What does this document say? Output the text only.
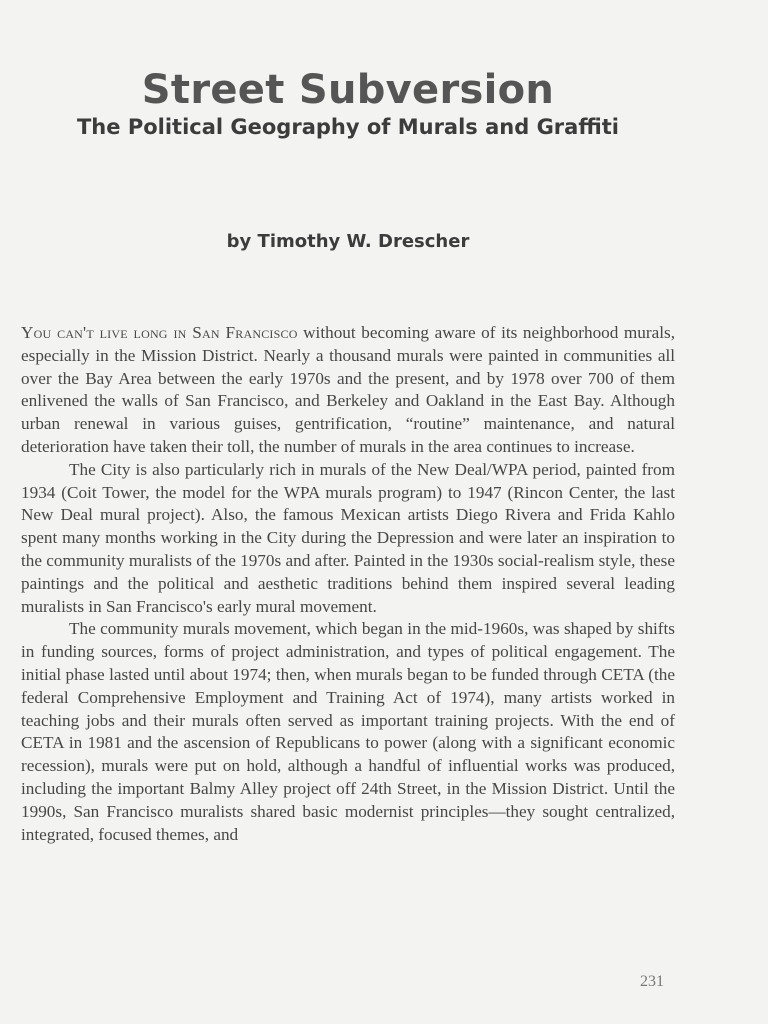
Street Subversion
The Political Geography of Murals and Graffiti
by Timothy W. Drescher

You can't live long in San Francisco without becoming aware of its neighborhood murals, especially in the Mission District. Nearly a thousand murals were painted in communities all over the Bay Area between the early 1970s and the present, and by 1978 over 700 of them enlivened the walls of San Francisco, and Berkeley and Oakland in the East Bay. Although urban renewal in various guises, gentrification, “routine” maintenance, and natural deterioration have taken their toll, the number of murals in the area continues to increase.

The City is also particularly rich in murals of the New Deal/WPA period, painted from 1934 (Coit Tower, the model for the WPA murals program) to 1947 (Rincon Center, the last New Deal mural project). Also, the famous Mexican artists Diego Rivera and Frida Kahlo spent many months working in the City during the Depression and were later an inspiration to the community muralists of the 1970s and after. Painted in the 1930s social-realism style, these paintings and the political and aesthetic traditions behind them inspired several leading muralists in San Francisco's early mural movement.

The community murals movement, which began in the mid-1960s, was shaped by shifts in funding sources, forms of project administration, and types of political engagement. The initial phase lasted until about 1974; then, when murals began to be funded through CETA (the federal Comprehensive Employment and Training Act of 1974), many artists worked in teaching jobs and their murals often served as important training projects. With the end of CETA in 1981 and the ascension of Republicans to power (along with a significant economic recession), murals were put on hold, although a handful of influential works was produced, including the important Balmy Alley project off 24th Street, in the Mission District. Until the 1990s, San Francisco muralists shared basic modernist principles—they sought centralized, integrated, focused themes, and

231
